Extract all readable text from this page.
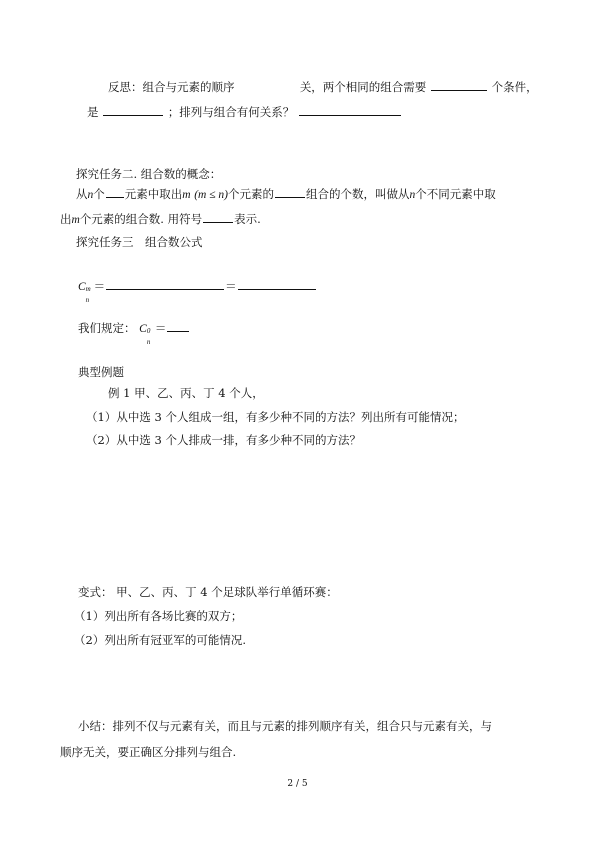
反思：组合与元素的顺序	关，两个相同的组合需要	个条件，
是	；排列与组合有何关系？
探究任务二. 组合数的概念：
从n个 元素中取出m (m ≤ n)个元素的	组合的个数，叫做从n个不同元素中取
出m个元素的组合数. 用符号	表示.
探究任务三　组合数公式
C m
n
＝	＝
我们规定： C 0
n
＝
典型例题
例 1 甲、乙、丙、丁 4 个人，
（1）从中选 3 个人组成一组，有多少种不同的方法？列出所有可能情况；
（2）从中选 3 个人排成一排，有多少种不同的方法？
变式： 甲、乙、丙、丁 4 个足球队举行单循环赛：
（1）列出所有各场比赛的双方；
（2）列出所有冠亚军的可能情况.
小结：排列不仅与元素有关，而且与元素的排列顺序有关，组合只与元素有关，与
顺序无关，要正确区分排列与组合.
2 / 5
